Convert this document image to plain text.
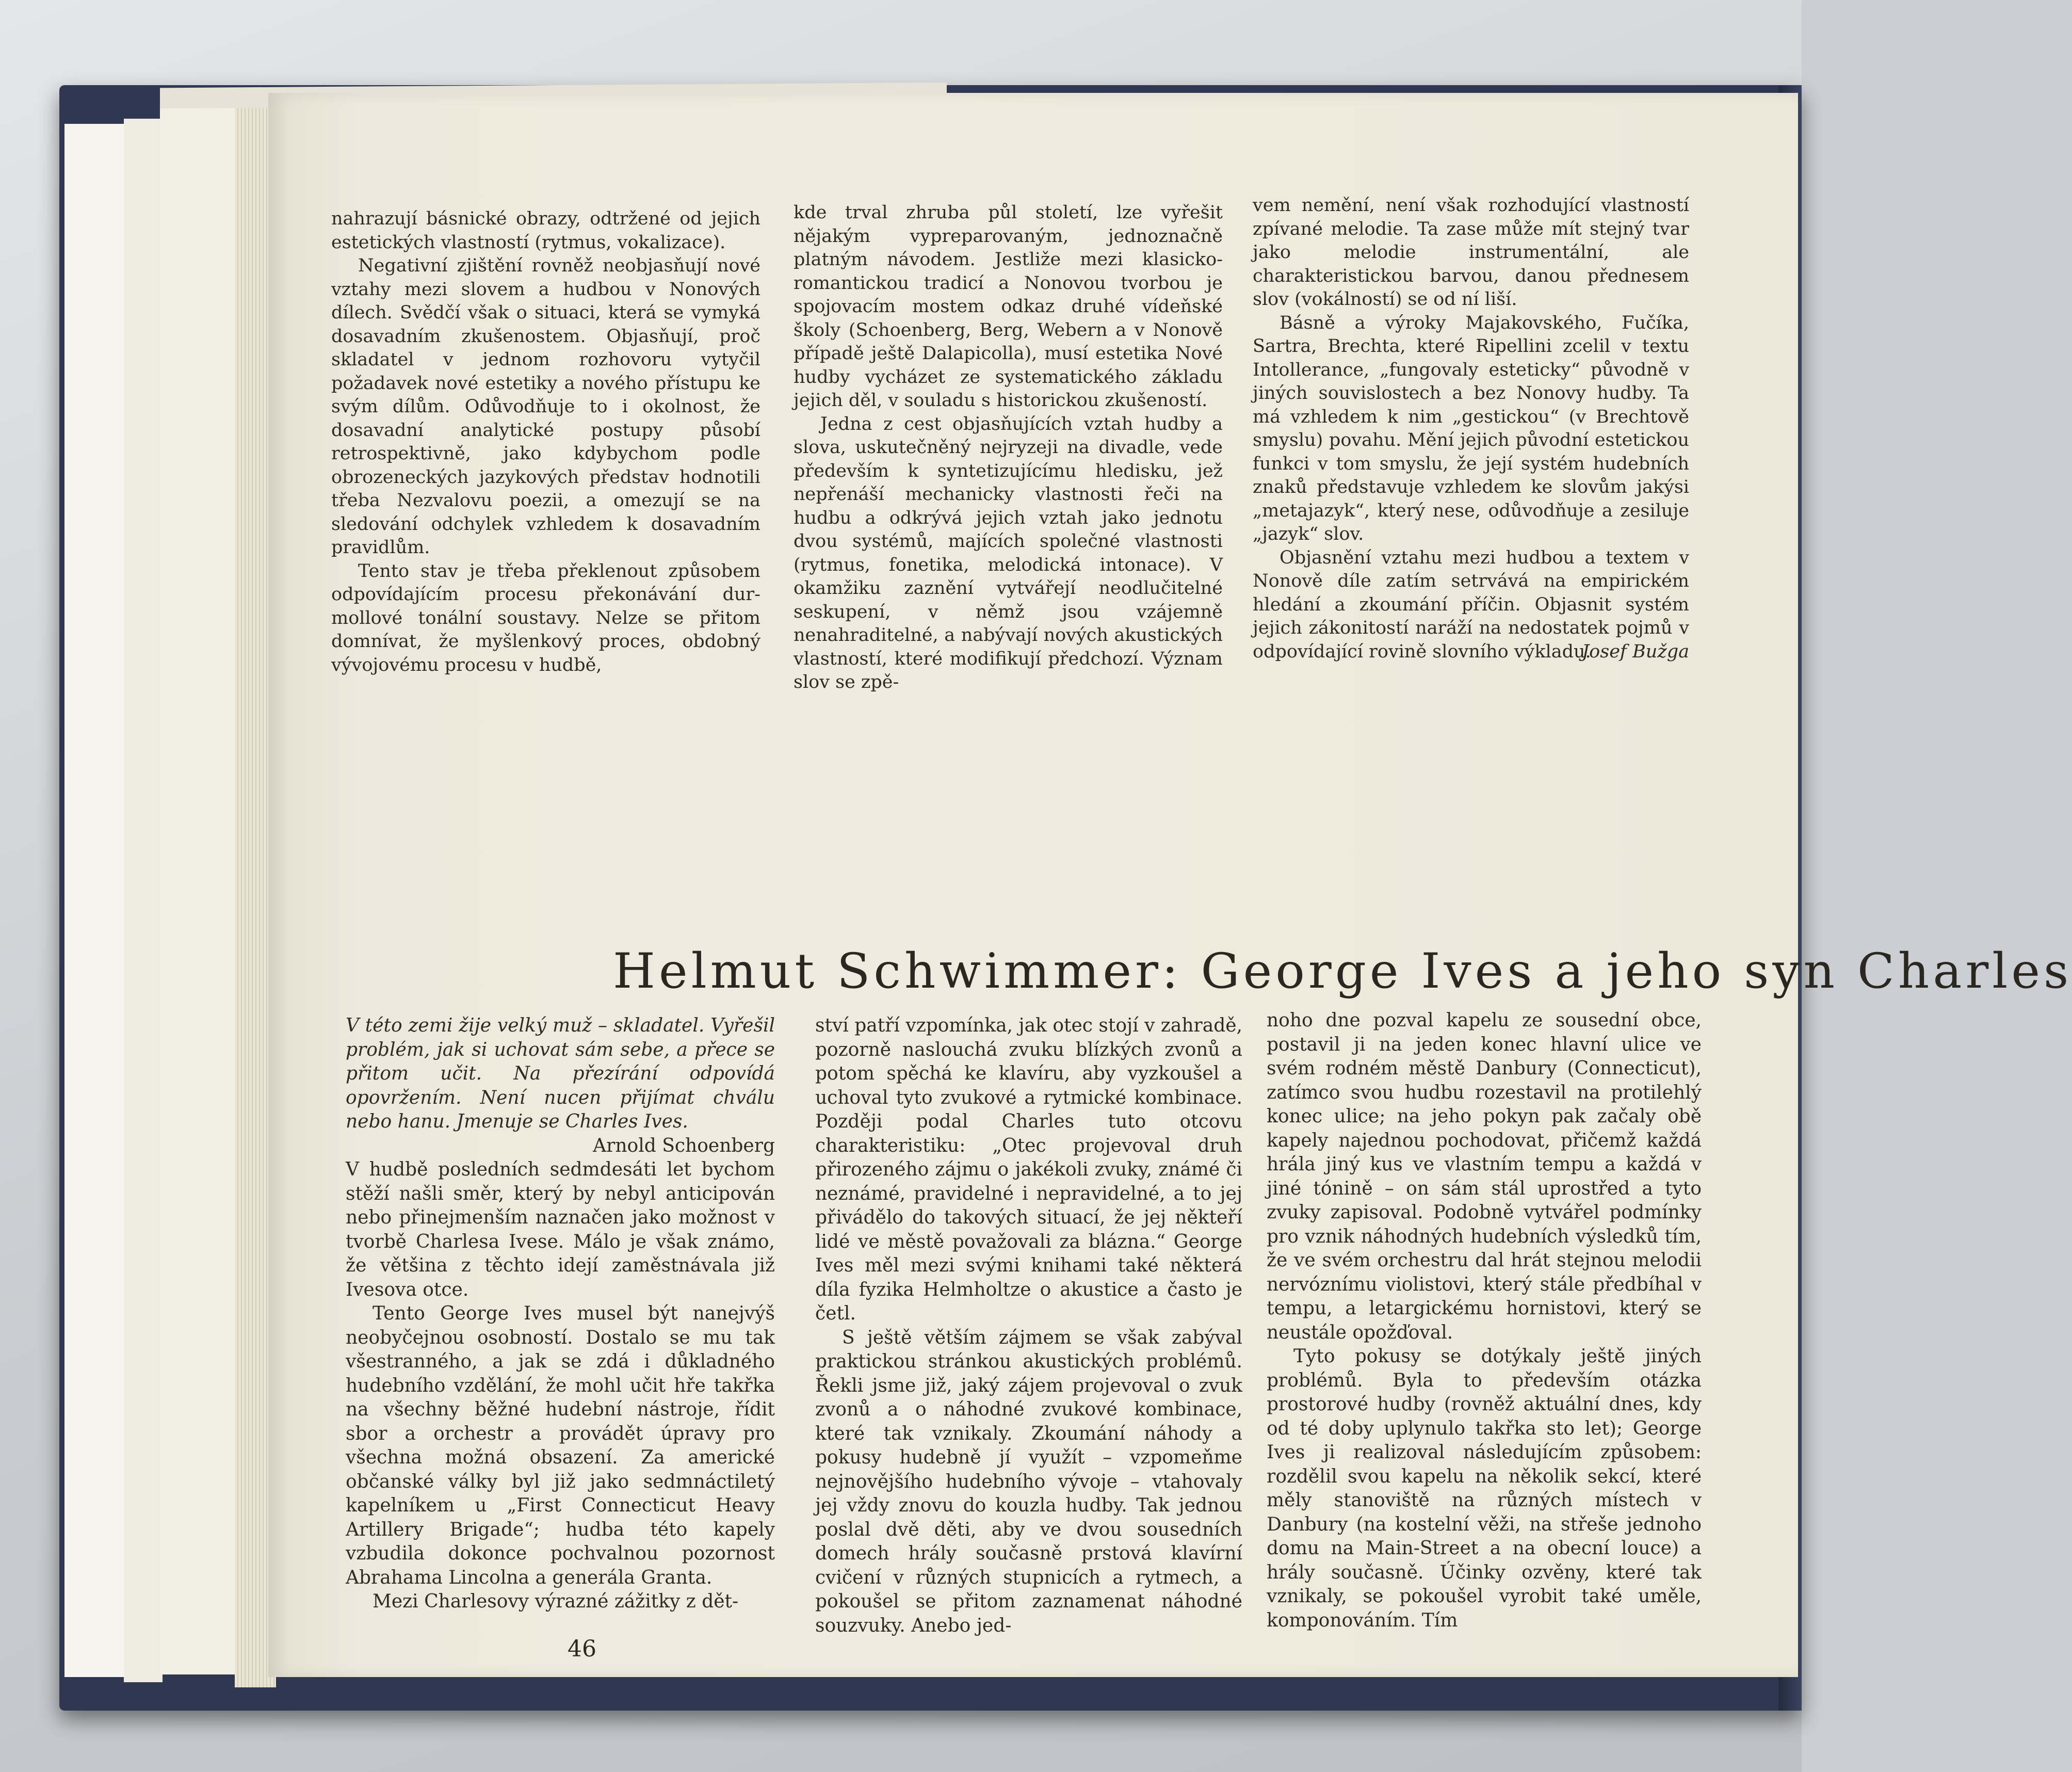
nahrazují básnické obrazy, odtržené od jejich estetických vlastností (rytmus, vokalizace).

Negativní zjištění rovněž neobjasňují nové vztahy mezi slovem a hudbou v Nonových dílech. Svědčí však o situaci, která se vymyká dosavadním zkušenostem. Objasňují, proč skladatel v jednom rozhovoru vytyčil požadavek nové estetiky a nového přístupu ke svým dílům. Odůvodňuje to i okolnost, že dosavadní analytické postupy působí retrospektivně, jako kdybychom podle obrozeneckých jazykových představ hodnotili třeba Nezvalovu poezii, a omezují se na sledování odchylek vzhledem k dosavadním pravidlům.

Tento stav je třeba překlenout způsobem odpovídajícím procesu překonávání dur-mollové tonální soustavy. Nelze se přitom domnívat, že myšlenkový proces, obdobný vývojovému procesu v hudbě,

kde trval zhruba půl století, lze vyřešit nějakým vypreparovaným, jednoznačně platným návodem. Jestliže mezi klasicko-romantickou tradicí a Nonovou tvorbou je spojovacím mostem odkaz druhé vídeňské školy (Schoenberg, Berg, Webern a v Nonově případě ještě Dalapicolla), musí estetika Nové hudby vycházet ze systematického základu jejich děl, v souladu s historickou zkušeností.

Jedna z cest objasňujících vztah hudby a slova, uskutečněný nejryzeji na divadle, vede především k syntetizujícímu hledisku, jež nepřenáší mechanicky vlastnosti řeči na hudbu a odkrývá jejich vztah jako jednotu dvou systémů, majících společné vlastnosti (rytmus, fonetika, melodická intonace). V okamžiku zaznění vytvářejí neodlučitelné seskupení, v němž jsou vzájemně nenahraditelné, a nabývají nových akustických vlastností, které modifikují předchozí. Význam slov se zpě-

vem nemění, není však rozhodující vlastností zpívané melodie. Ta zase může mít stejný tvar jako melodie instrumentální, ale charakteristickou barvou, danou přednesem slov (vokálností) se od ní liší.

Básně a výroky Majakovského, Fučíka, Sartra, Brechta, které Ripellini zcelil v textu Intollerance, „fungovaly esteticky“ původně v jiných souvislostech a bez Nonovy hudby. Ta má vzhledem k nim „gestickou“ (v Brechtově smyslu) povahu. Mění jejich původní estetickou funkci v tom smyslu, že její systém hudebních znaků představuje vzhledem ke slovům jakýsi „metajazyk“, který nese, odůvodňuje a zesiluje „jazyk“ slov.

Objasnění vztahu mezi hudbou a textem v Nonově díle zatím setrvává na empirickém hledání a zkoumání příčin. Objasnit systém jejich zákonitostí naráží na nedostatek pojmů v odpovídající rovině slovního výkladu.

Josef Bužga
Helmut Schwimmer: George Ives a jeho syn Charles

V této zemi žije velký muž – skladatel. Vyřešil problém, jak si uchovat sám sebe, a přece se přitom učit. Na přezírání odpovídá opovržením. Není nucen přijímat chválu nebo hanu. Jmenuje se Charles Ives.

Arnold Schoenberg

V hudbě posledních sedmdesáti let bychom stěží našli směr, který by nebyl anticipován nebo přinejmenším naznačen jako možnost v tvorbě Charlesa Ivese. Málo je však známo, že většina z těchto idejí zaměstnávala již Ivesova otce.

Tento George Ives musel být nanejvýš neobyčejnou osobností. Dostalo se mu tak všestranného, a jak se zdá i důkladného hudebního vzdělání, že mohl učit hře takřka na všechny běžné hudební nástroje, řídit sbor a orchestr a provádět úpravy pro všechna možná obsazení. Za americké občanské války byl již jako sedmnáctiletý kapelníkem u „First Connecticut Heavy Artillery Brigade“; hudba této kapely vzbudila dokonce pochvalnou pozornost Abrahama Lincolna a generála Granta.

Mezi Charlesovy výrazné zážitky z dět-

ství patří vzpomínka, jak otec stojí v zahradě, pozorně naslouchá zvuku blízkých zvonů a potom spěchá ke klavíru, aby vyzkoušel a uchoval tyto zvukové a rytmické kombinace. Později podal Charles tuto otcovu charakteristiku: „Otec projevoval druh přirozeného zájmu o jakékoli zvuky, známé či neznámé, pravidelné i nepravidelné, a to jej přivádělo do takových situací, že jej někteří lidé ve městě považovali za blázna.“ George Ives měl mezi svými knihami také některá díla fyzika Helmholtze o akustice a často je četl.

S ještě větším zájmem se však zabýval praktickou stránkou akustických problémů. Řekli jsme již, jaký zájem projevoval o zvuk zvonů a o náhodné zvukové kombinace, které tak vznikaly. Zkoumání náhody a pokusy hudebně jí využít – vzpomeňme nejnovějšího hudebního vývoje – vtahovaly jej vždy znovu do kouzla hudby. Tak jednou poslal dvě děti, aby ve dvou sousedních domech hrály současně prstová klavírní cvičení v různých stupnicích a rytmech, a pokoušel se přitom zaznamenat náhodné souzvuky. Anebo jed-

noho dne pozval kapelu ze sousední obce, postavil ji na jeden konec hlavní ulice ve svém rodném městě Danbury (Connecticut), zatímco svou hudbu rozestavil na protilehlý konec ulice; na jeho pokyn pak začaly obě kapely najednou pochodovat, přičemž každá hrála jiný kus ve vlastním tempu a každá v jiné tónině – on sám stál uprostřed a tyto zvuky zapisoval. Podobně vytvářel podmínky pro vznik náhodných hudebních výsledků tím, že ve svém orchestru dal hrát stejnou melodii nervóznímu violistovi, který stále předbíhal v tempu, a letargickému hornistovi, který se neustále opožďoval.

Tyto pokusy se dotýkaly ještě jiných problémů. Byla to především otázka prostorové hudby (rovněž aktuální dnes, kdy od té doby uplynulo takřka sto let); George Ives ji realizoval následujícím způsobem: rozdělil svou kapelu na několik sekcí, které měly stanoviště na různých místech v Danbury (na kostelní věži, na střeše jednoho domu na Main-Street a na obecní louce) a hrály současně. Účinky ozvěny, které tak vznikaly, se pokoušel vyrobit také uměle, komponováním. Tím

46
